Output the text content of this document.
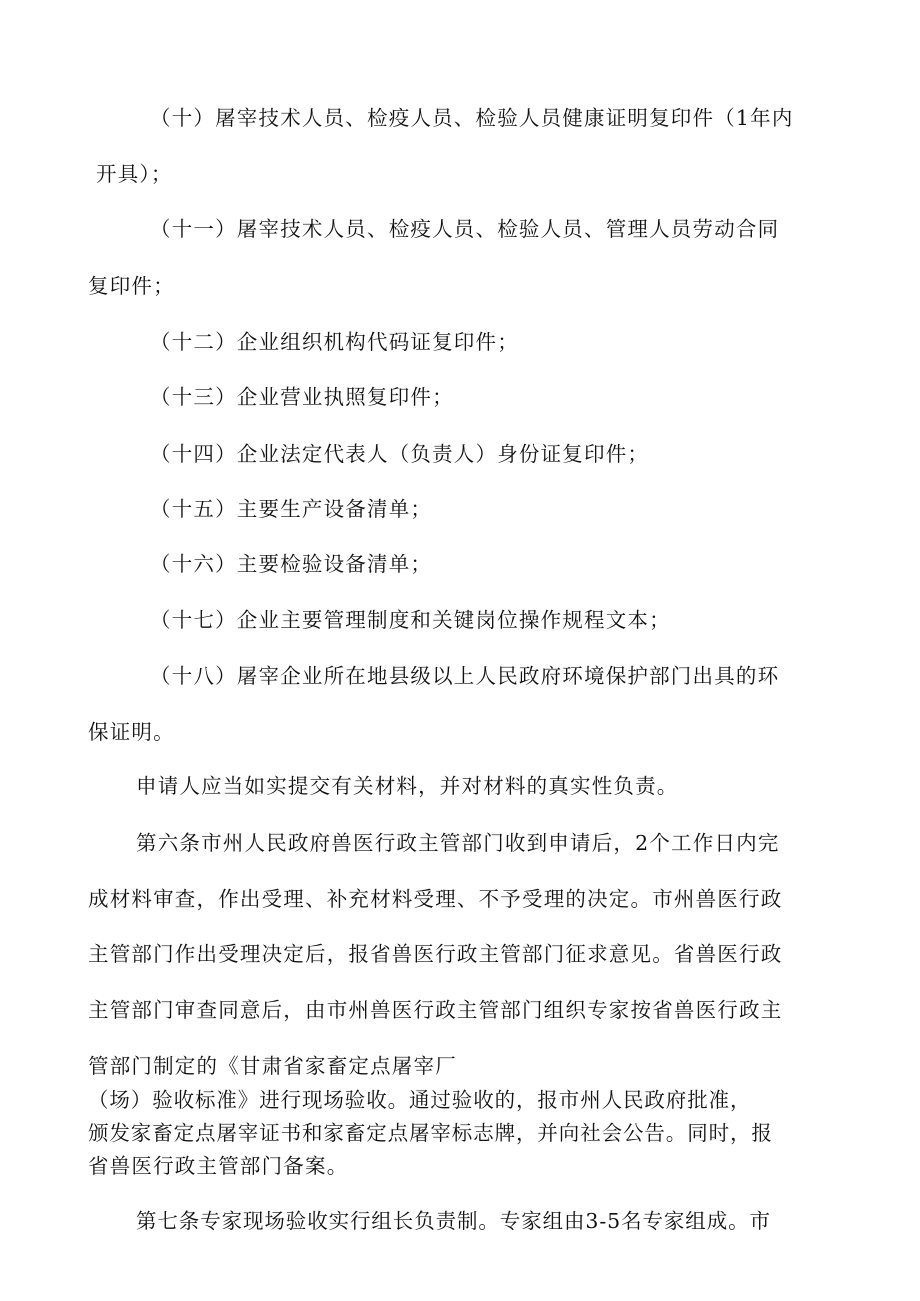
（十）屠宰技术人员、检疫人员、检验人员健康证明复印件（1年内

开具）；

（十一）屠宰技术人员、检疫人员、检验人员、管理人员劳动合同

复印件；

（十二）企业组织机构代码证复印件；

（十三）企业营业执照复印件；

（十四）企业法定代表人（负责人）身份证复印件；

（十五）主要生产设备清单；

（十六）主要检验设备清单；

（十七）企业主要管理制度和关键岗位操作规程文本；

（十八）屠宰企业所在地县级以上人民政府环境保护部门出具的环

保证明。

申请人应当如实提交有关材料，并对材料的真实性负责。

第六条市州人民政府兽医行政主管部门收到申请后，2个工作日内完

成材料审查，作出受理、补充材料受理、不予受理的决定。市州兽医行政

主管部门作出受理决定后，报省兽医行政主管部门征求意见。省兽医行政

主管部门审查同意后，由市州兽医行政主管部门组织专家按省兽医行政主

管部门制定的《甘肃省家畜定点屠宰厂

（场）验收标准》进行现场验收。通过验收的，报市州人民政府批准，

颁发家畜定点屠宰证书和家畜定点屠宰标志牌，并向社会公告。同时，报

省兽医行政主管部门备案。

第七条专家现场验收实行组长负责制。专家组由3-5名专家组成。市
